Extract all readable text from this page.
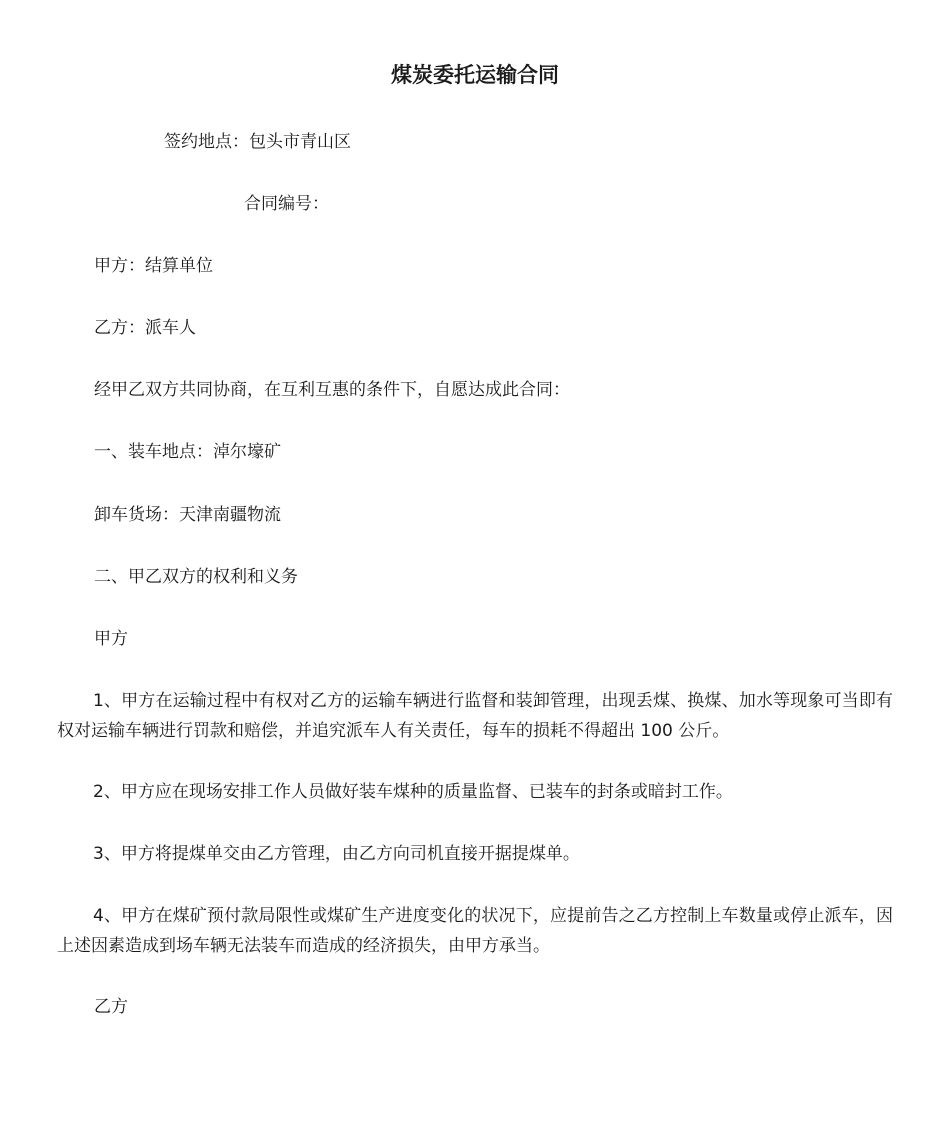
煤炭委托运输合同
签约地点：包头市青山区
合同编号：
甲方：结算单位
乙方：派车人
经甲乙双方共同协商，在互利互惠的条件下，自愿达成此合同：
一、装车地点：淖尔壕矿
卸车货场：天津南疆物流
二、甲乙双方的权利和义务
甲方
1、甲方在运输过程中有权对乙方的运输车辆进行监督和装卸管理，出现丢煤、换煤、加水等现象可当即有权对运输车辆进行罚款和赔偿，并追究派车人有关责任，每车的损耗不得超出 100 公斤。
2、甲方应在现场安排工作人员做好装车煤种的质量监督、已装车的封条或暗封工作。
3、甲方将提煤单交由乙方管理，由乙方向司机直接开据提煤单。
4、甲方在煤矿预付款局限性或煤矿生产进度变化的状况下，应提前告之乙方控制上车数量或停止派车，因上述因素造成到场车辆无法装车而造成的经济损失，由甲方承当。
乙方
